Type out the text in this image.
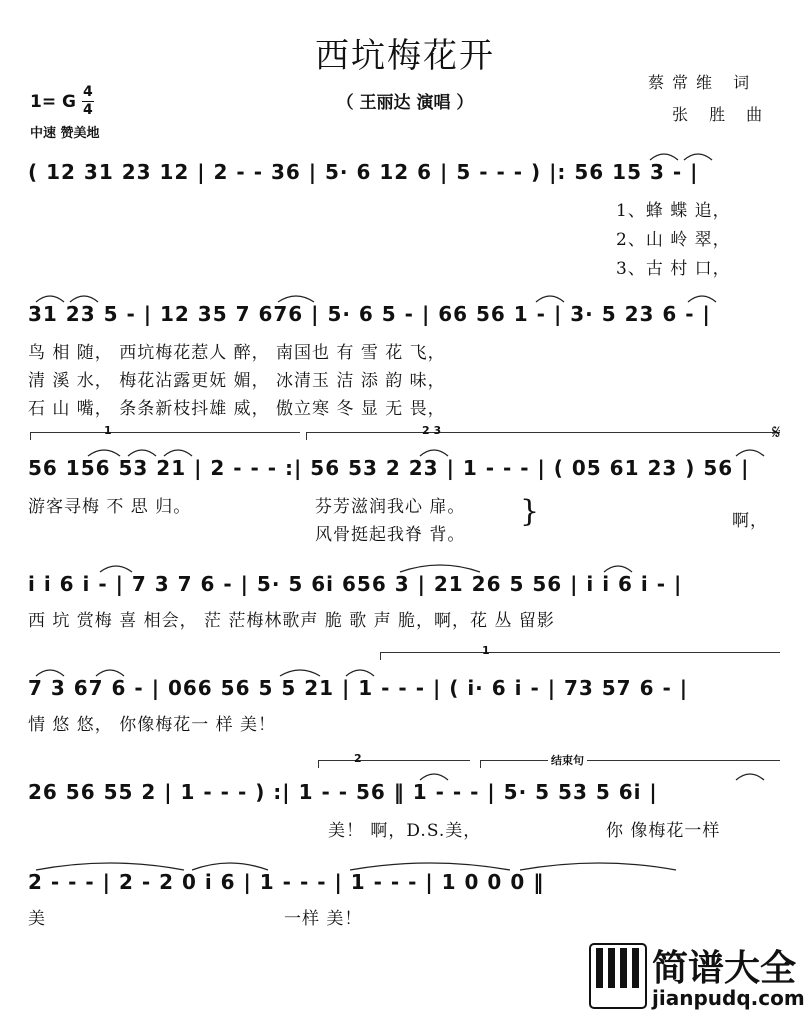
西坑梅花开
（ 王丽达 演唱 ）
1= G 4
4
中速 赞美地
蔡常维 词
张 胜 曲
( 12 31 23 12 | 2 - - 36 | 5· 6 12 6 | 5 - - - ) |: 56 15 3 - |
1、蜂 蝶 追，
2、山 岭 翠，
3、古 村 口，
31 23 5 - | 12 35 7 676 | 5· 6 5 - | 66 56 1 - | 3· 5 23 6 - |
鸟 相 随， 西坑梅花惹人 醉， 南国也 有 雪 花 飞，
清 溪 水， 梅花沾露更妩 媚， 冰清玉 洁 添 韵 味，
石 山 嘴， 条条新枝抖雄 威， 傲立寒 冬 显 无 畏，
1	2 3	𝄋
56 156 53 21 | 2 - - - :| 56 53 2 23 | 1 - - - | ( 05 61 23 ) 56 |
游客寻梅 不 思 归。	芬芳滋润我心 扉。
风骨挺起我脊 背。
}	啊，
i i 6 i - | 7 3 7 6 - | 5· 5 6i 656 3 | 21 26 5 56 | i i 6 i - |
西 坑 赏梅 喜 相会， 茫 茫梅林歌声 脆 歌 声 脆，啊，花 丛 留影
1
7 3 67 6 - | 066 56 5 5 21 | 1 - - - | ( i· 6 i - | 73 57 6 - |
情 悠 悠， 你像梅花一 样 美！
2	结束句
26 56 55 2 | 1 - - - ) :| 1 - - 56 ‖ 1 - - - | 5· 5 53 5 6i |
美！ 啊，D.S.美，	你 像梅花一样
2 - - - | 2 - 2 0 i 6 | 1 - - - | 1 - - - | 1 0 0 0 ‖
美	一样 美！
简谱大全
jianpudq.com
